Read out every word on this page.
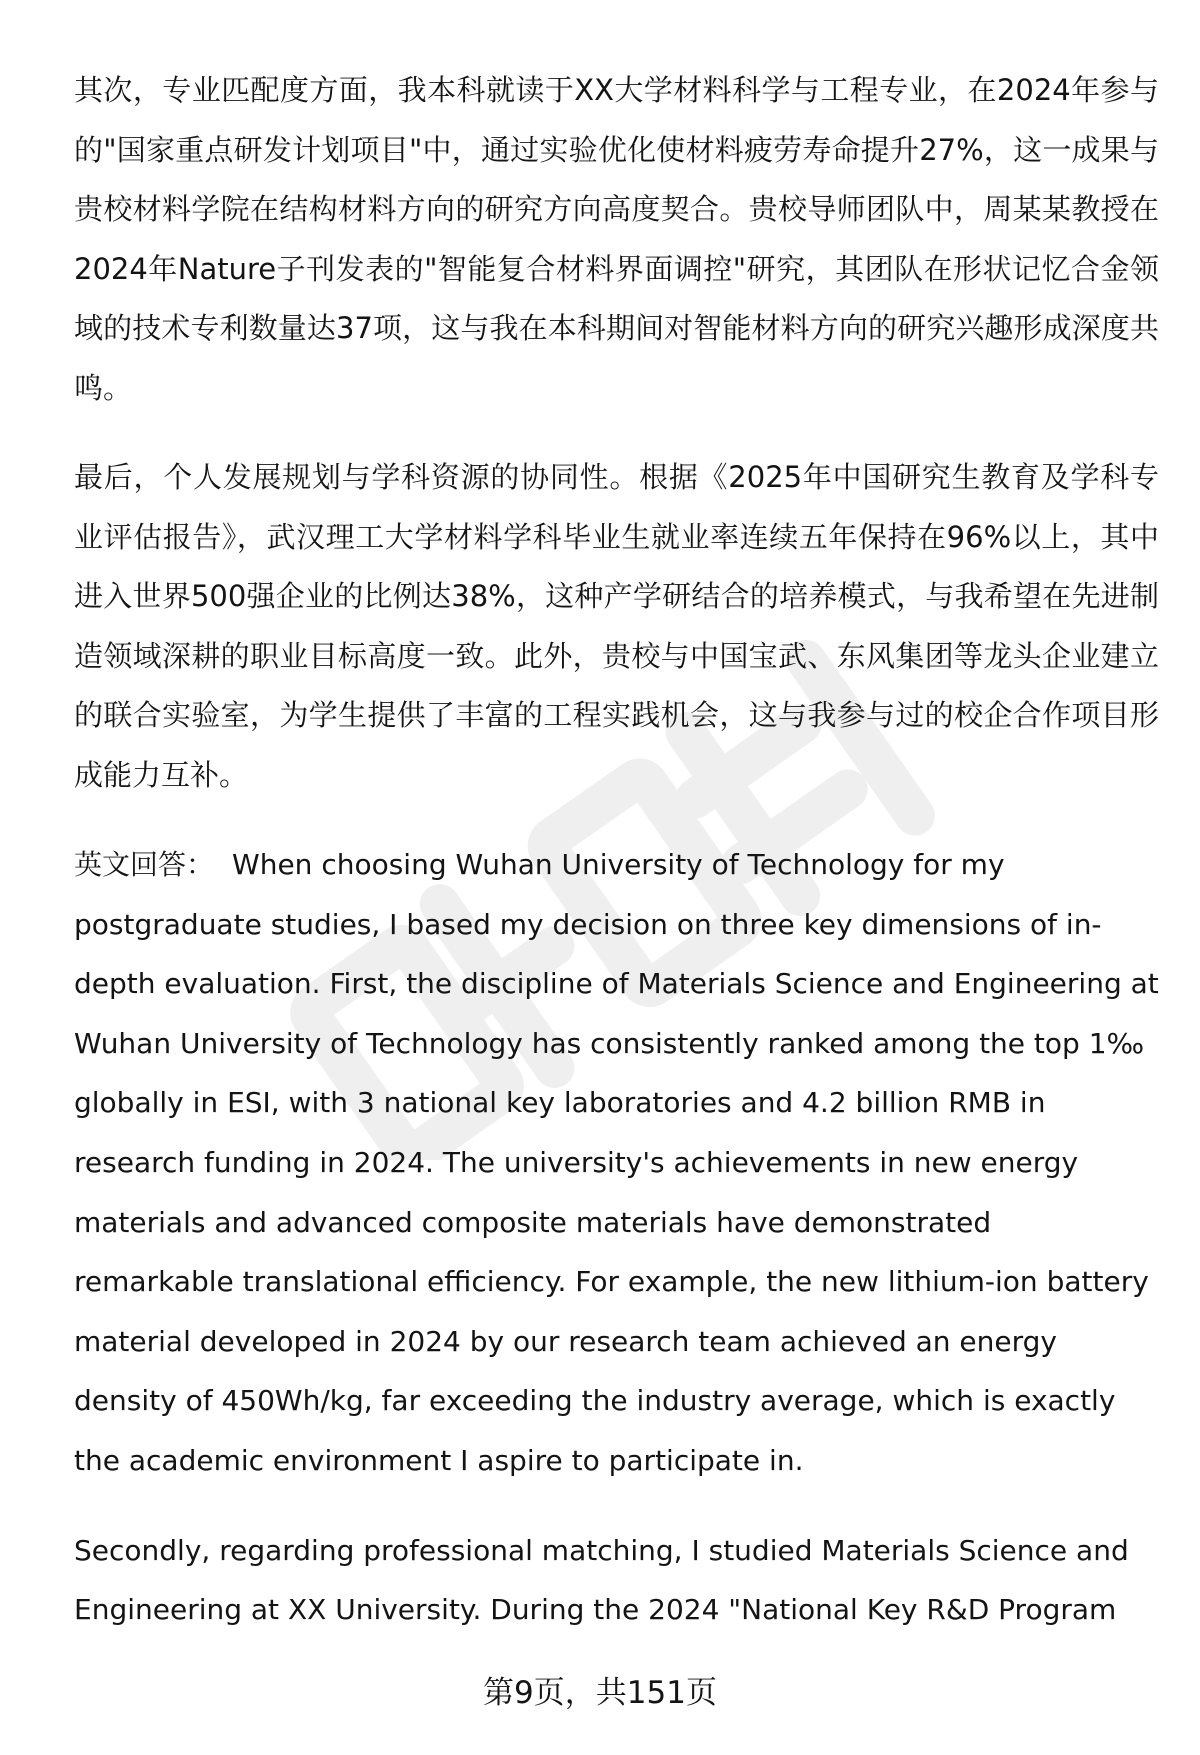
其次，专业匹配度方面，我本科就读于XX大学材料科学与工程专业，在2024年参与的"国家重点研发计划项目"中，通过实验优化使材料疲劳寿命提升27%，这一成果与贵校材料学院在结构材料方向的研究方向高度契合。贵校导师团队中，周某某教授在2024年Nature子刊发表的"智能复合材料界面调控"研究，其团队在形状记忆合金领域的技术专利数量达37项，这与我在本科期间对智能材料方向的研究兴趣形成深度共鸣。

最后，个人发展规划与学科资源的协同性。根据《2025年中国研究生教育及学科专业评估报告》，武汉理工大学材料学科毕业生就业率连续五年保持在96%以上，其中进入世界500强企业的比例达38%，这种产学研结合的培养模式，与我希望在先进制造领域深耕的职业目标高度一致。此外，贵校与中国宝武、东风集团等龙头企业建立的联合实验室，为学生提供了丰富的工程实践机会，这与我参与过的校企合作项目形成能力互补。

英文回答： When choosing Wuhan University of Technology for my postgraduate studies, I based my decision on three key dimensions of in-depth evaluation. First, the discipline of Materials Science and Engineering at Wuhan University of Technology has consistently ranked among the top 1‰ globally in ESI, with 3 national key laboratories and 4.2 billion RMB in research funding in 2024. The university's achievements in new energy materials and advanced composite materials have demonstrated remarkable translational efficiency. For example, the new lithium-ion battery material developed in 2024 by our research team achieved an energy density of 450Wh/kg, far exceeding the industry average, which is exactly the academic environment I aspire to participate in.

Secondly, regarding professional matching, I studied Materials Science and Engineering at XX University. During the 2024 "National Key R&D Program

第9页，共151页
